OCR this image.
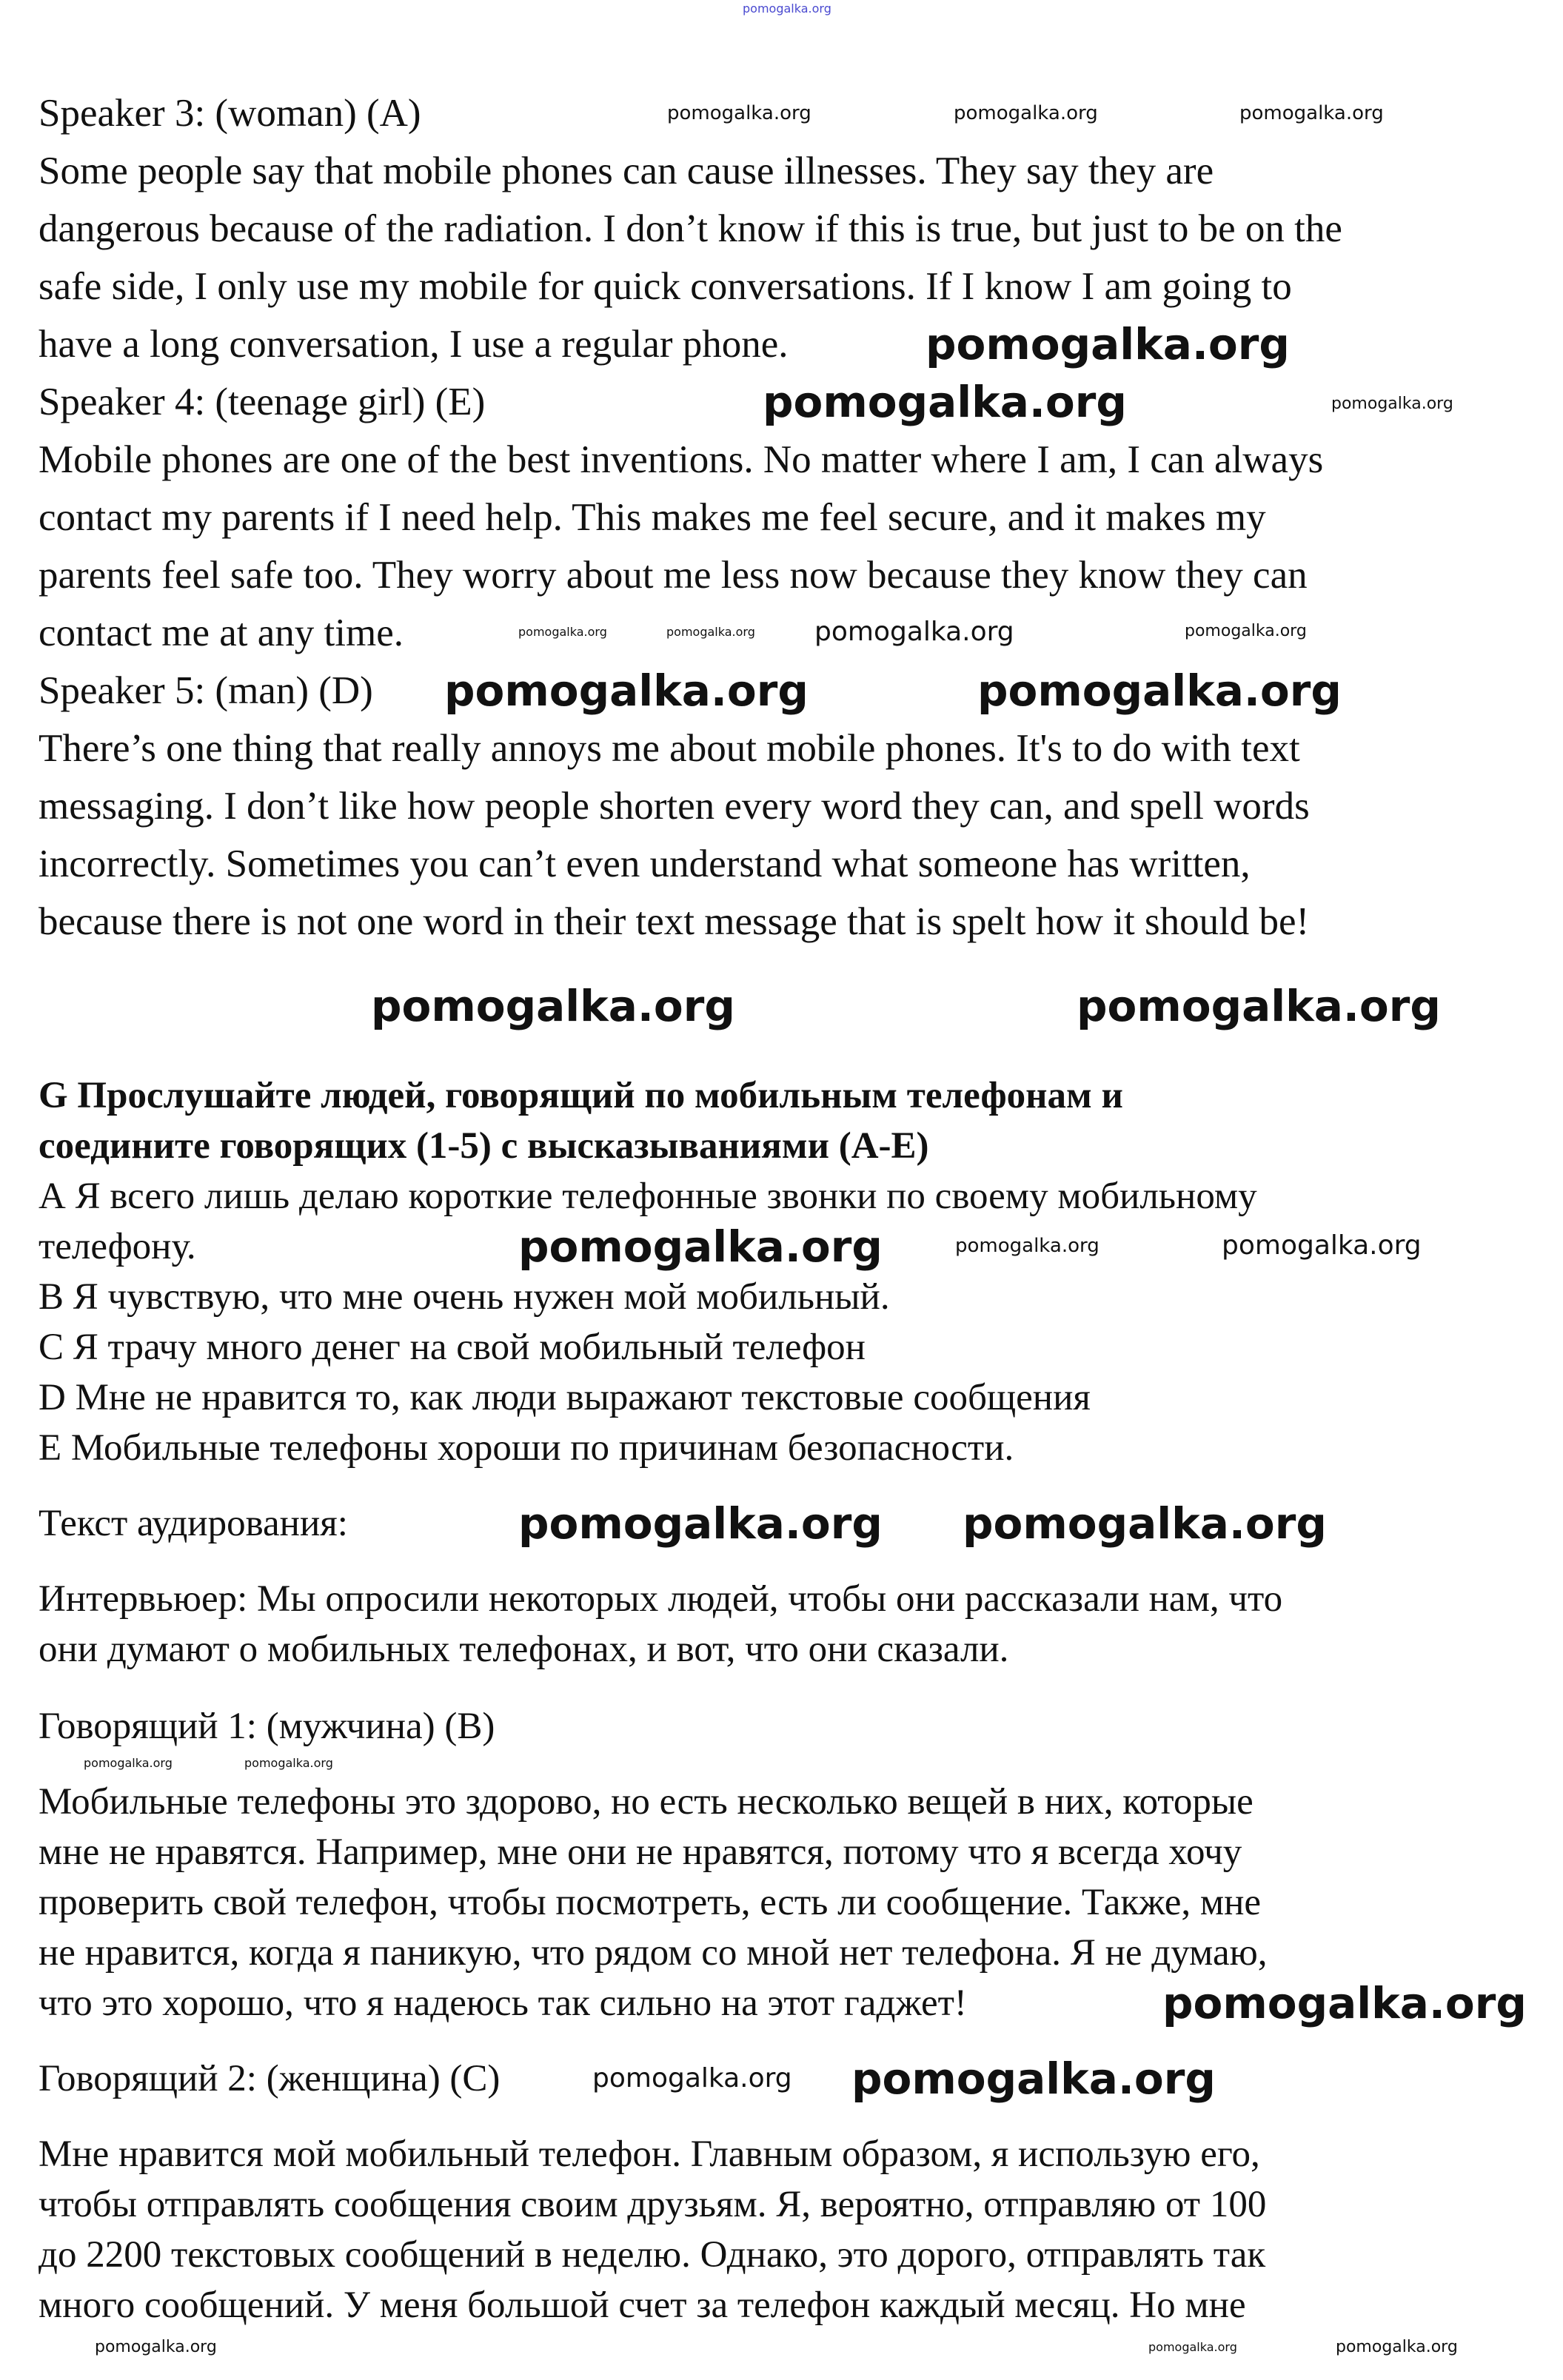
pomogalka.org
Speaker 3: (woman) (A)
Some people say that mobile phones can cause illnesses. They say they are
dangerous because of the radiation. I don’t know if this is true, but just to be on the
safe side, I only use my mobile for quick conversations. If I know I am going to
have a long conversation, I use a regular phone.
Speaker 4: (teenage girl) (E)
Mobile phones are one of the best inventions. No matter where I am, I can always
contact my parents if I need help. This makes me feel secure, and it makes my
parents feel safe too. They worry about me less now because they know they can
contact me at any time.
Speaker 5: (man) (D)
There’s one thing that really annoys me about mobile phones. It's to do with text
messaging. I don’t like how people shorten every word they can, and spell words
incorrectly. Sometimes you can’t even understand what someone has written,
because there is not one word in their text message that is spelt how it should be!
G Прослушайте людей, говорящий по мобильным телефонам и
соедините говорящих (1-5) с высказываниями (A-E)
А Я всего лишь делаю короткие телефонные звонки по своему мобильному
телефону.
В Я чувствую, что мне очень нужен мой мобильный.
С Я трачу много денег на свой мобильный телефон
D Мне не нравится то, как люди выражают текстовые сообщения
Е Мобильные телефоны хороши по причинам безопасности.
Текст аудирования:
Интервьюер: Мы опросили некоторых людей, чтобы они рассказали нам, что
они думают о мобильных телефонах, и вот, что они сказали.
Говорящий 1: (мужчина) (B)
Мобильные телефоны это здорово, но есть несколько вещей в них, которые
мне не нравятся. Например, мне они не нравятся, потому что я всегда хочу
проверить свой телефон, чтобы посмотреть, есть ли сообщение. Также, мне
не нравится, когда я паникую, что рядом со мной нет телефона. Я не думаю,
что это хорошо, что я надеюсь так сильно на этот гаджет!
Говорящий 2: (женщина) (C)
Мне нравится мой мобильный телефон. Главным образом, я использую его,
чтобы отправлять сообщения своим друзьям. Я, вероятно, отправляю от 100
до 2200 текстовых сообщений в неделю. Однако, это дорого, отправлять так
много сообщений. У меня большой счет за телефон каждый месяц. Но мне
pomogalka.org	pomogalka.org	pomogalka.org
pomogalka.org
pomogalka.org	pomogalka.org
pomogalka.org	pomogalka.org pomogalka.org	pomogalka.org
pomogalka.org	pomogalka.org
pomogalka.org	pomogalka.org
pomogalka.org	pomogalka.org	pomogalka.org
pomogalka.org pomogalka.org
pomogalka.org	pomogalka.org
pomogalka.org
pomogalka.org pomogalka.org
pomogalka.org	pomogalka.org	pomogalka.org
